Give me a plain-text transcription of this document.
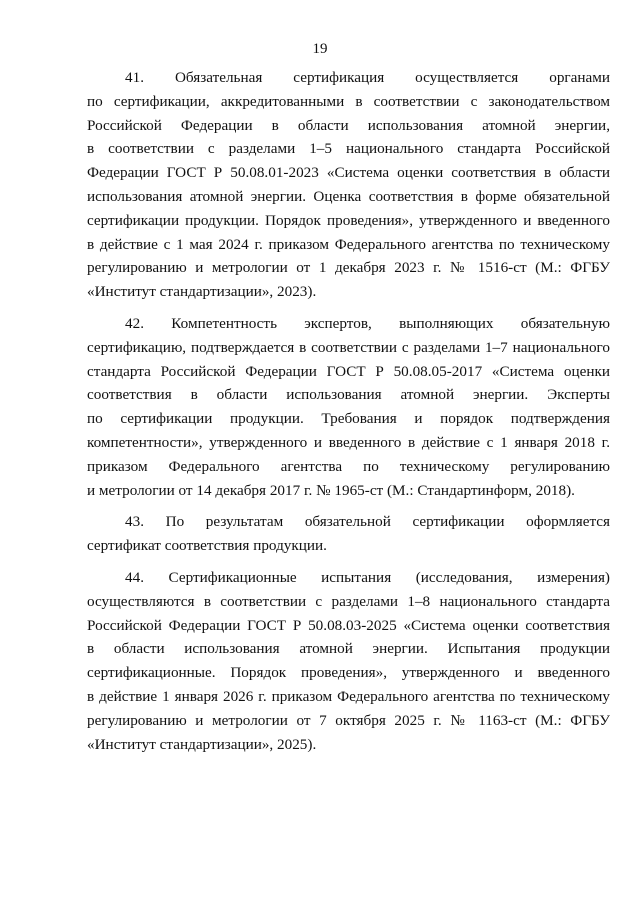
19

41. Обязательная сертификация осуществляется органами
по сертификации, аккредитованными в соответствии с законодательством
Российской Федерации в области использования атомной энергии,
в соответствии с разделами 1–5 национального стандарта Российской
Федерации ГОСТ Р 50.08.01-2023 «Система оценки соответствия в области
использования атомной энергии. Оценка соответствия в форме обязательной
сертификации продукции. Порядок проведения», утвержденного и введенного
в действие с 1 мая 2024 г. приказом Федерального агентства по техническому
регулированию и метрологии от 1 декабря 2023 г. № 1516-ст (М.: ФГБУ
«Институт стандартизации», 2023).

42. Компетентность экспертов, выполняющих обязательную
сертификацию, подтверждается в соответствии с разделами 1–7 национального
стандарта Российской Федерации ГОСТ Р 50.08.05-2017 «Система оценки
соответствия в области использования атомной энергии. Эксперты
по сертификации продукции. Требования и порядок подтверждения
компетентности», утвержденного и введенного в действие с 1 января 2018 г.
приказом Федерального агентства по техническому регулированию
и метрологии от 14 декабря 2017 г. № 1965-ст (М.: Стандартинформ, 2018).

43. По результатам обязательной сертификации оформляется
сертификат соответствия продукции.

44. Сертификационные испытания (исследования, измерения)
осуществляются в соответствии с разделами 1–8 национального стандарта
Российской Федерации ГОСТ Р 50.08.03-2025 «Система оценки соответствия
в области использования атомной энергии. Испытания продукции
сертификационные. Порядок проведения», утвержденного и введенного
в действие 1 января 2026 г. приказом Федерального агентства по техническому
регулированию и метрологии от 7 октября 2025 г. № 1163-ст (М.: ФГБУ
«Институт стандартизации», 2025).
